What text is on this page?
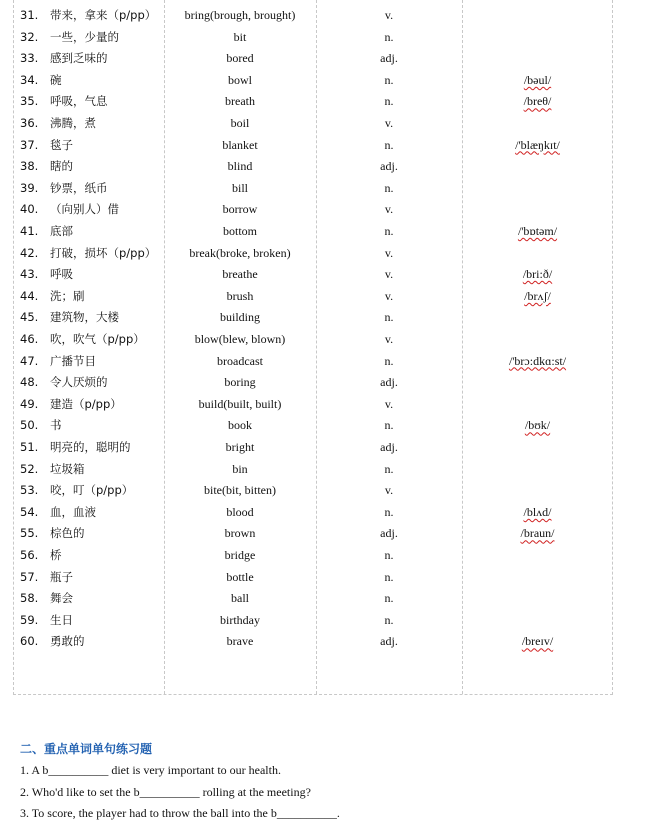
31. 带来，拿来（p/pp）	bring(brough, brought)	v.
32. 一些，少量的	bit	n.
33. 感到乏味的	bored	adj.
34. 碗	bowl	n.	/bəul/
35. 呼吸，气息	breath	n.	/breθ/
36. 沸腾，煮	boil	v.
37. 毯子	blanket	n.	/'blæŋkɪt/
38. 瞎的	blind	adj.
39. 钞票，纸币	bill	n.
40. （向别人）借	borrow	v.
41. 底部	bottom	n.	/'bɒtəm/
42. 打破，损坏（p/pp）	break(broke, broken)	v.
43. 呼吸	breathe	v.	/bri:ð/
44. 洗；刷	brush	v.	/brʌʃ/
45. 建筑物，大楼	building	n.
46. 吹，吹气（p/pp）	blow(blew, blown)	v.
47. 广播节目	broadcast	n.	/'brɔ:dkɑ:st/
48. 令人厌烦的	boring	adj.
49. 建造（p/pp）	build(built, built)	v.
50. 书	book	n.	/bʊk/
51. 明亮的，聪明的	bright	adj.
52. 垃圾箱	bin	n.
53. 咬，叮（p/pp）	bite(bit, bitten)	v.
54. 血，血液	blood	n.	/blʌd/
55. 棕色的	brown	adj.	/braun/
56. 桥	bridge	n.
57. 瓶子	bottle	n.
58. 舞会	ball	n.
59. 生日	birthday	n.
60. 勇敢的	brave	adj.	/breɪv/
二、重点单词单句练习题
1. A b__________ diet is very important to our health.
2. Who'd like to set the b__________ rolling at the meeting?
3. To score, the player had to throw the ball into the b__________.
